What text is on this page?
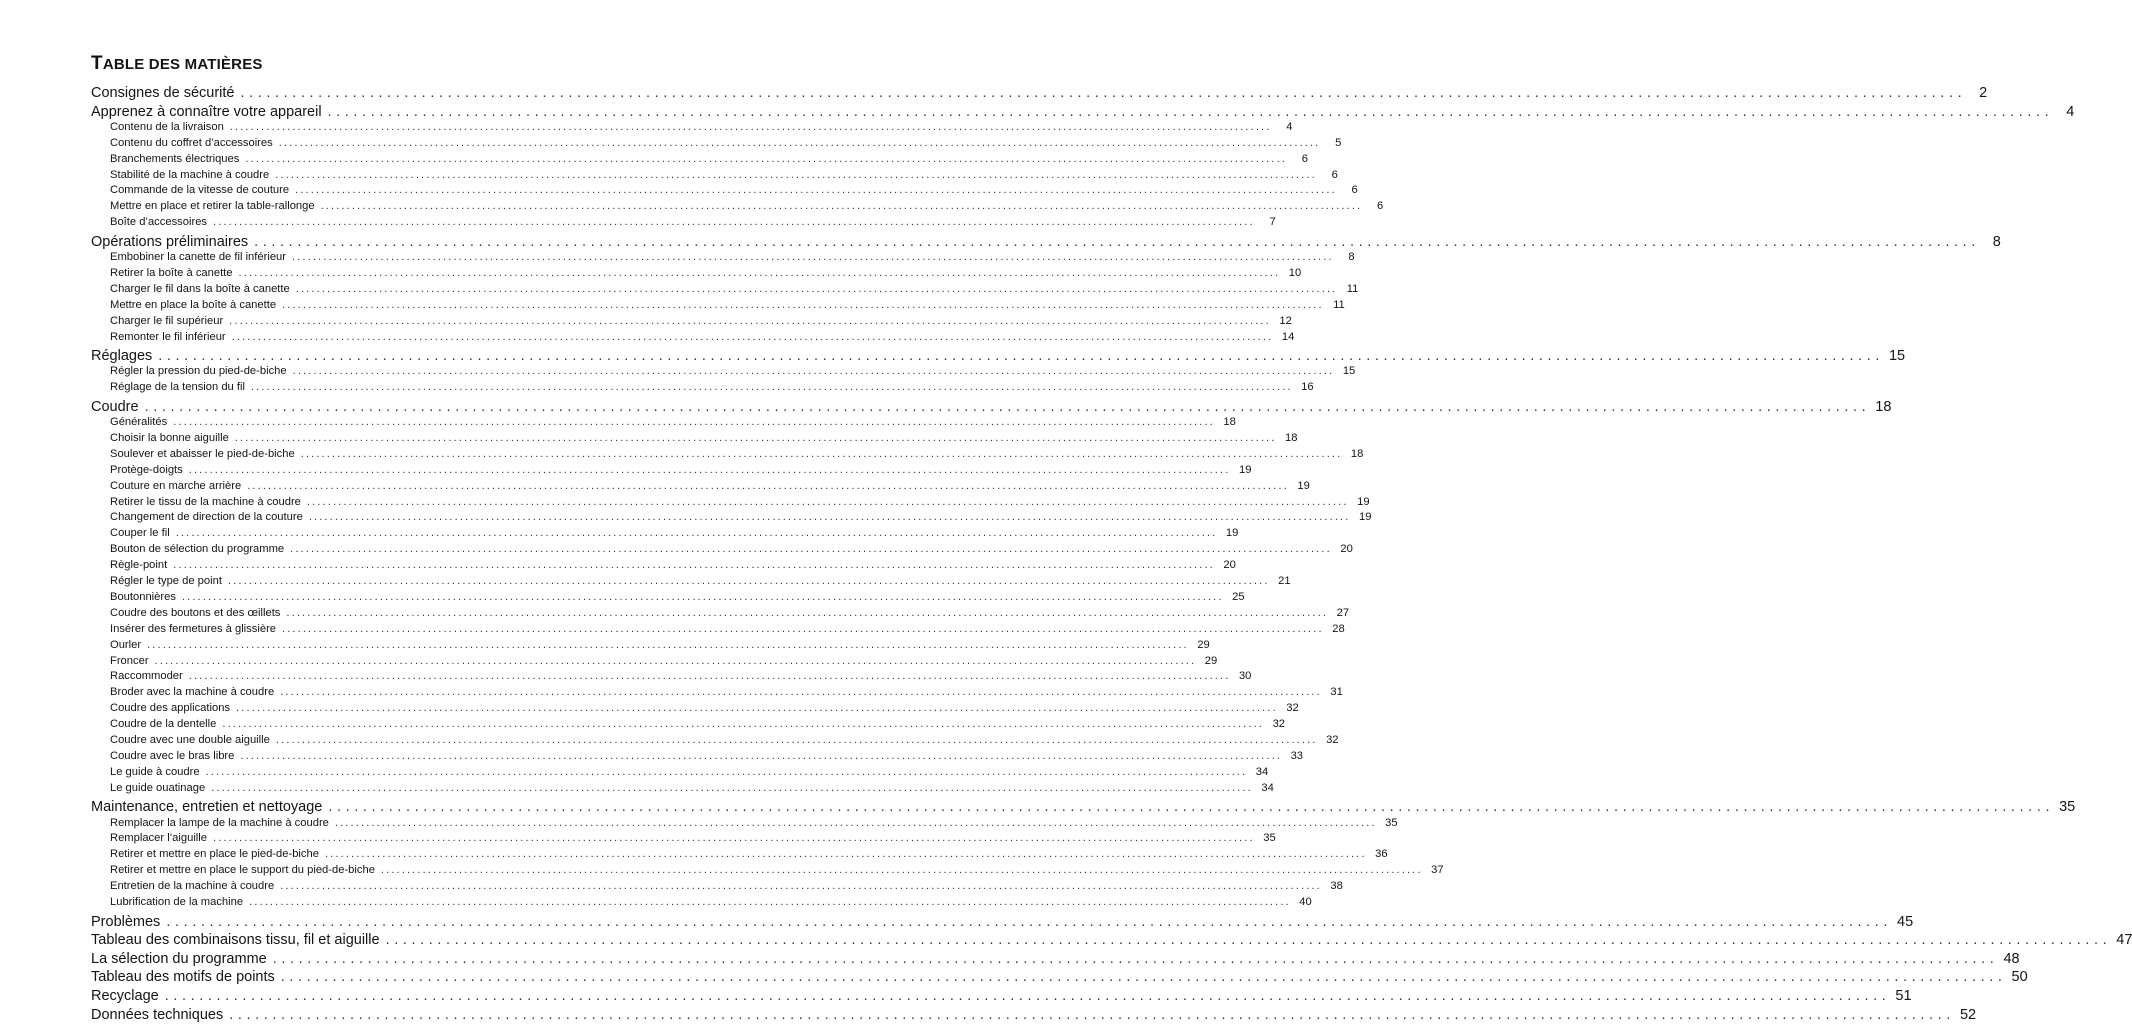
TABLE DES MATIÈRES
Consignes de sécurité ........................................................................................................................................................................................................ 2
Apprenez à connaître votre appareil ........................................................................................................................................................................................................ 4
Contenu de la livraison ........................................................................................................................................................................................................	4
Contenu du coffret d’accessoires ........................................................................................................................................................................................................	5
Branchements électriques ........................................................................................................................................................................................................	6
Stabilité de la machine à coudre ........................................................................................................................................................................................................	6
Commande de la vitesse de couture ........................................................................................................................................................................................................	6
Mettre en place et retirer la table-rallonge ........................................................................................................................................................................................................	6
Boîte d’accessoires ........................................................................................................................................................................................................	7
Opérations préliminaires ........................................................................................................................................................................................................ 8
Embobiner la canette de fil inférieur ........................................................................................................................................................................................................	8
Retirer la boîte à canette ........................................................................................................................................................................................................ 10
Charger le fil dans la boîte à canette ........................................................................................................................................................................................................ 11
Mettre en place la boîte à canette ........................................................................................................................................................................................................ 11
Charger le fil supérieur ........................................................................................................................................................................................................ 12
Remonter le fil inférieur ........................................................................................................................................................................................................ 14
Réglages ........................................................................................................................................................................................................ 15
Régler la pression du pied-de-biche ........................................................................................................................................................................................................ 15
Réglage de la tension du fil ........................................................................................................................................................................................................ 16
Coudre ........................................................................................................................................................................................................ 18
Généralités ........................................................................................................................................................................................................ 18
Choisir la bonne aiguille ........................................................................................................................................................................................................ 18
Soulever et abaisser le pied-de-biche ........................................................................................................................................................................................................ 18
Protège-doigts ........................................................................................................................................................................................................ 19
Couture en marche arrière ........................................................................................................................................................................................................ 19
Retirer le tissu de la machine à coudre ........................................................................................................................................................................................................ 19
Changement de direction de la couture ........................................................................................................................................................................................................ 19
Couper le fil ........................................................................................................................................................................................................ 19
Bouton de sélection du programme ........................................................................................................................................................................................................ 20
Règle-point ........................................................................................................................................................................................................ 20
Régler le type de point ........................................................................................................................................................................................................ 21
Boutonnières ........................................................................................................................................................................................................ 25
Coudre des boutons et des œillets ........................................................................................................................................................................................................ 27
Insérer des fermetures à glissière ........................................................................................................................................................................................................ 28
Ourler ........................................................................................................................................................................................................ 29
Froncer ........................................................................................................................................................................................................ 29
Raccommoder ........................................................................................................................................................................................................ 30
Broder avec la machine à coudre ........................................................................................................................................................................................................ 31
Coudre des applications ........................................................................................................................................................................................................ 32
Coudre de la dentelle ........................................................................................................................................................................................................ 32
Coudre avec une double aiguille ........................................................................................................................................................................................................ 32
Coudre avec le bras libre ........................................................................................................................................................................................................ 33
Le guide à coudre ........................................................................................................................................................................................................ 34
Le guide ouatinage ........................................................................................................................................................................................................ 34
Maintenance, entretien et nettoyage ........................................................................................................................................................................................................ 35
Remplacer la lampe de la machine à coudre ........................................................................................................................................................................................................ 35
Remplacer l’aiguille ........................................................................................................................................................................................................ 35
Retirer et mettre en place le pied-de-biche ........................................................................................................................................................................................................ 36
Retirer et mettre en place le support du pied-de-biche ........................................................................................................................................................................................................ 37
Entretien de la machine à coudre ........................................................................................................................................................................................................ 38
Lubrification de la machine ........................................................................................................................................................................................................ 40
Problèmes ........................................................................................................................................................................................................ 45
Tableau des combinaisons tissu, fil et aiguille ........................................................................................................................................................................................................ 47
La sélection du programme ........................................................................................................................................................................................................ 48
Tableau des motifs de points ........................................................................................................................................................................................................ 50
Recyclage ........................................................................................................................................................................................................ 51
Données techniques ........................................................................................................................................................................................................ 52
